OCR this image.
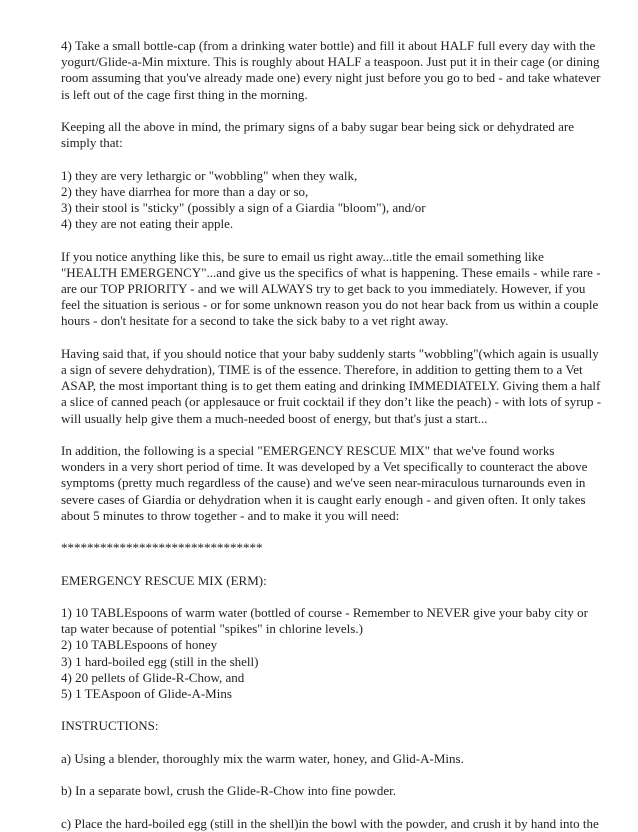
4) Take a small bottle-cap (from a drinking water bottle) and fill it about HALF full every day with the
yogurt/Glide-a-Min mixture. This is roughly about HALF a teaspoon. Just put it in their cage (or dining
room assuming that you've already made one) every night just before you go to bed - and take whatever
is left out of the cage first thing in the morning.

Keeping all the above in mind, the primary signs of a baby sugar bear being sick or dehydrated are
simply that:

1) they are very lethargic or "wobbling" when they walk,
2) they have diarrhea for more than a day or so,
3) their stool is "sticky" (possibly a sign of a Giardia "bloom"), and/or
4) they are not eating their apple.

If you notice anything like this, be sure to email us right away...title the email something like
"HEALTH EMERGENCY"...and give us the specifics of what is happening. These emails - while rare -
are our TOP PRIORITY - and we will ALWAYS try to get back to you immediately. However, if you
feel the situation is serious - or for some unknown reason you do not hear back from us within a couple
hours - don't hesitate for a second to take the sick baby to a vet right away.

Having said that, if you should notice that your baby suddenly starts "wobbling"(which again is usually
a sign of severe dehydration), TIME is of the essence. Therefore, in addition to getting them to a Vet
ASAP, the most important thing is to get them eating and drinking IMMEDIATELY. Giving them a half
a slice of canned peach (or applesauce or fruit cocktail if they don’t like the peach) - with lots of syrup -
will usually help give them a much-needed boost of energy, but that's just a start...

In addition, the following is a special "EMERGENCY RESCUE MIX" that we've found works
wonders in a very short period of time. It was developed by a Vet specifically to counteract the above
symptoms (pretty much regardless of the cause) and we've seen near-miraculous turnarounds even in
severe cases of Giardia or dehydration when it is caught early enough - and given often. It only takes
about 5 minutes to throw together - and to make it you will need:

*******************************

EMERGENCY RESCUE MIX (ERM):

1) 10 TABLEspoons of warm water (bottled of course - Remember to NEVER give your baby city or
tap water because of potential "spikes" in chlorine levels.)
2) 10 TABLEspoons of honey
3) 1 hard-boiled egg (still in the shell)
4) 20 pellets of Glide-R-Chow, and
5) 1 TEAspoon of Glide-A-Mins

INSTRUCTIONS:

a) Using a blender, thoroughly mix the warm water, honey, and Glid-A-Mins.

b) In a separate bowl, crush the Glide-R-Chow into fine powder.

c) Place the hard-boiled egg (still in the shell)in the bowl with the powder, and crush it by hand into the
